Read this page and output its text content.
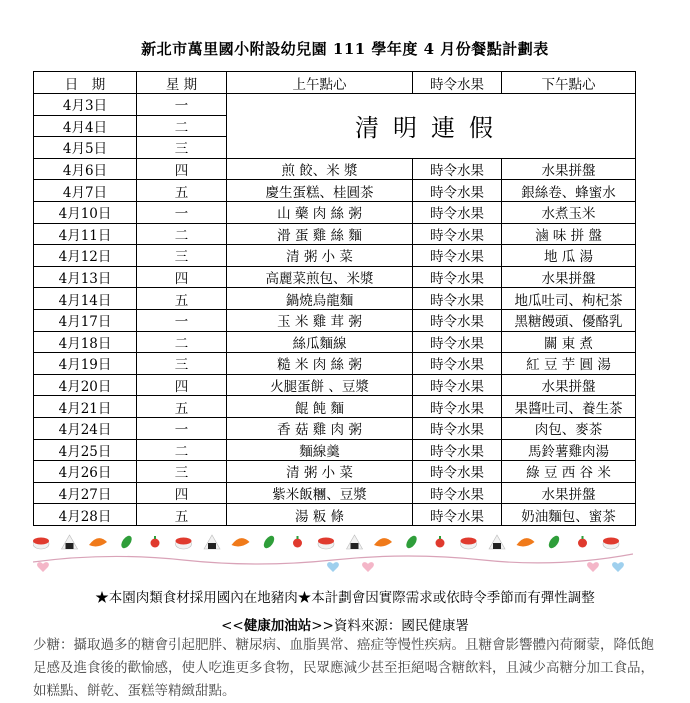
新北市萬里國小附設幼兒園 111 學年度 4 月份餐點計劃表
日　期	星 期	上午點心	時令水果	下午點心
4月3日	一	清明連假		
4月4日	二			
4月5日	三			
4月6日	四	煎 餃、米 漿	時令水果	水果拼盤
4月7日	五	慶生蛋糕、桂圓茶	時令水果	銀絲卷、蜂蜜水
4月10日	一	山 藥 肉 絲 粥	時令水果	水煮玉米
4月11日	二	滑 蛋 雞 絲 麵	時令水果	滷 味 拼 盤
4月12日	三	清 粥 小 菜	時令水果	地 瓜 湯
4月13日	四	高麗菜煎包、米漿	時令水果	水果拼盤
4月14日	五	鍋燒烏龍麵	時令水果	地瓜吐司、枸杞茶
4月17日	一	玉 米 雞 茸 粥	時令水果	黑糖饅頭、優酪乳
4月18日	二	絲瓜麵線	時令水果	關 東 煮
4月19日	三	糙 米 肉 絲 粥	時令水果	紅 豆 芋 圓 湯
4月20日	四	火腿蛋餅 、豆漿	時令水果	水果拼盤
4月21日	五	餛 飩 麵	時令水果	果醬吐司、養生茶
4月24日	一	香 菇 雞 肉 粥	時令水果	肉包、麥茶
4月25日	二	麵線羹	時令水果	馬鈴薯雞肉湯
4月26日	三	清 粥 小 菜	時令水果	綠 豆 西 谷 米
4月27日	四	紫米飯糰、豆漿	時令水果	水果拼盤
4月28日	五	湯 粄 條	時令水果	奶油麵包、蜜茶
★本園肉類食材採用國內在地豬肉★本計劃會因實際需求或依時令季節而有彈性調整
<<健康加油站>>資料來源：國民健康署
少糖：攝取過多的糖會引起肥胖、糖尿病、血脂異常、癌症等慢性疾病。且糖會影響體內荷爾蒙，降低飽足感及進食後的歡愉感，使人吃進更多食物，民眾應減少甚至拒絕喝含糖飲料，且減少高糖分加工食品，如糕點、餅乾、蛋糕等精緻甜點。
